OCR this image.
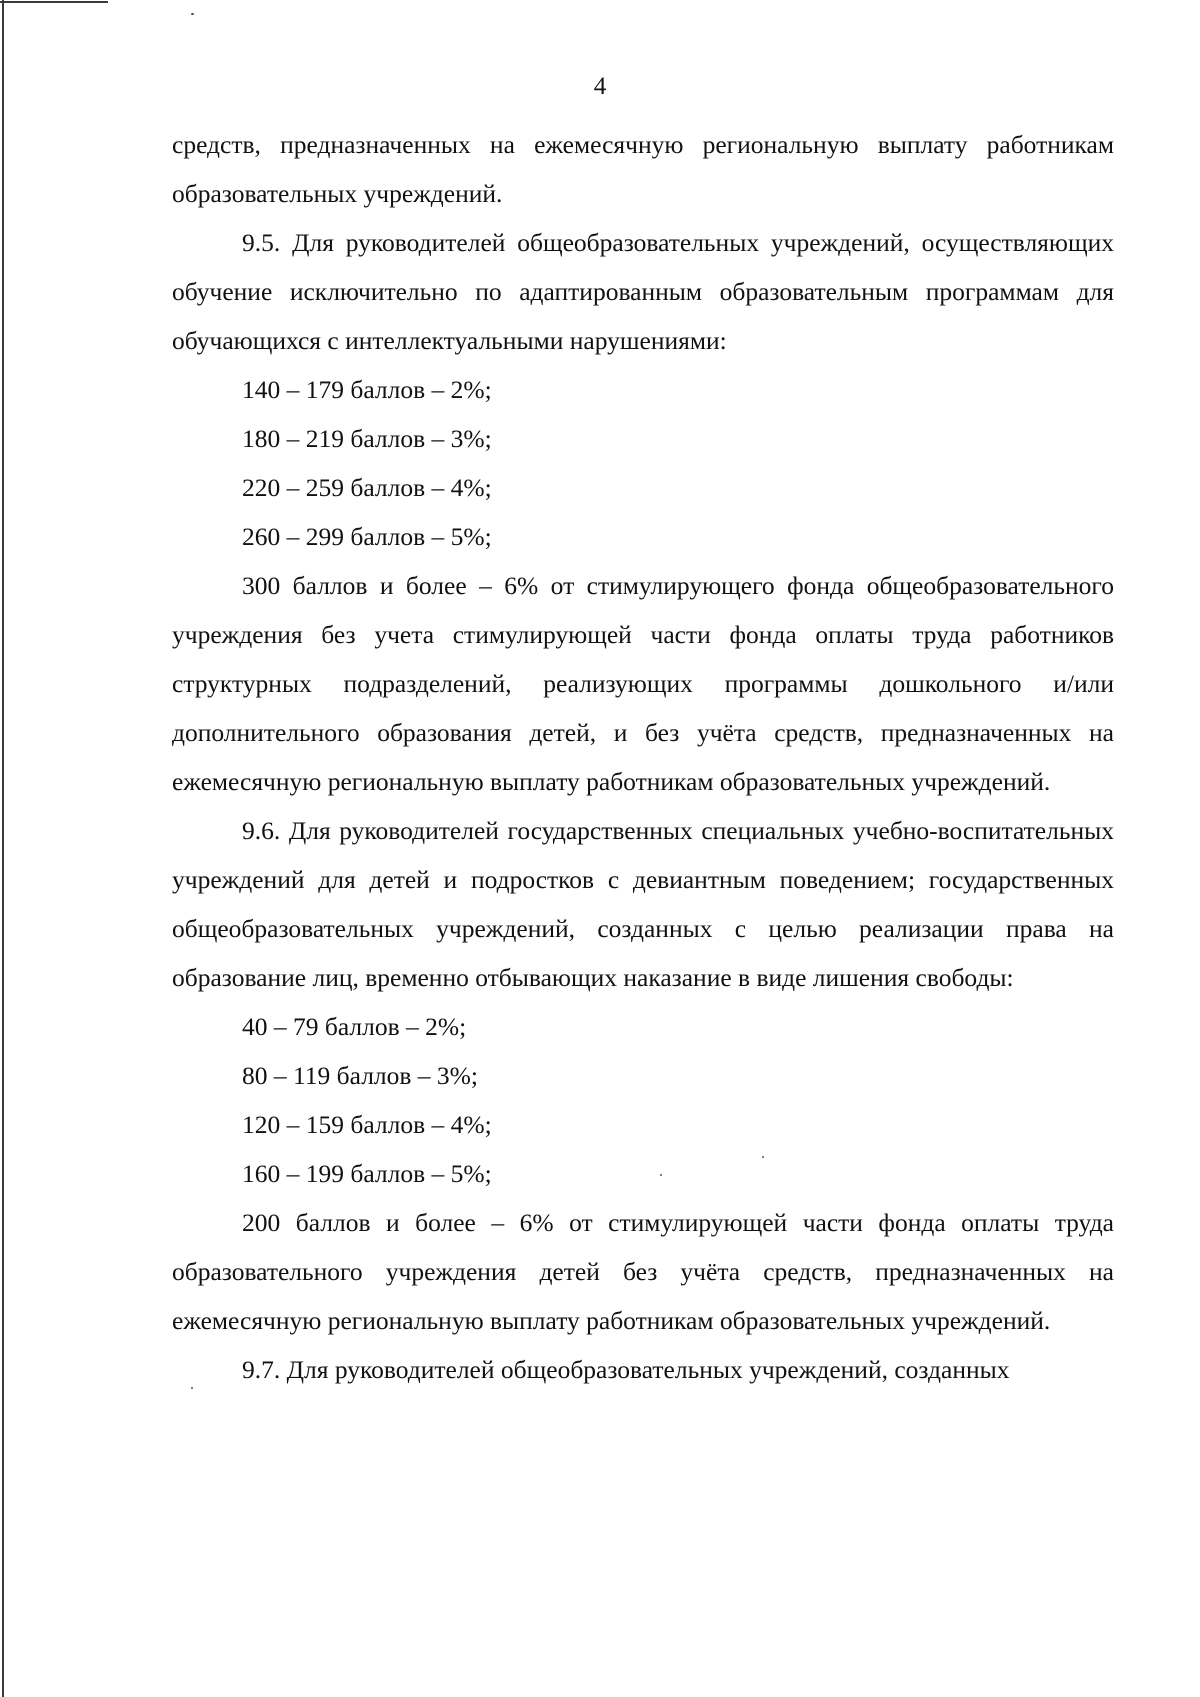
4

средств, предназначенных на ежемесячную региональную выплату работникам образовательных учреждений.

9.5. Для руководителей общеобразовательных учреждений, осуществляющих обучение исключительно по адаптированным образовательным программам для обучающихся с интеллектуальными нарушениями:

140 – 179 баллов – 2%;

180 – 219 баллов – 3%;

220 – 259 баллов – 4%;

260 – 299 баллов – 5%;

300 баллов и более – 6% от стимулирующего фонда общеобразовательного учреждения без учета стимулирующей части фонда оплаты труда работников структурных подразделений, реализующих программы дошкольного и/или дополнительного образования детей, и без учёта средств, предназначенных на ежемесячную региональную выплату работникам образовательных учреждений.

9.6. Для руководителей государственных специальных учебно-воспитательных учреждений для детей и подростков с девиантным поведением; государственных общеобразовательных учреждений, созданных с целью реализации права на образование лиц, временно отбывающих наказание в виде лишения свободы:

40 – 79 баллов – 2%;

80 – 119 баллов – 3%;

120 – 159 баллов – 4%;

160 – 199 баллов – 5%;

200 баллов и более – 6% от стимулирующей части фонда оплаты труда образовательного учреждения детей без учёта средств, предназначенных на ежемесячную региональную выплату работникам образовательных учреждений.

9.7. Для руководителей общеобразовательных учреждений, созданных
